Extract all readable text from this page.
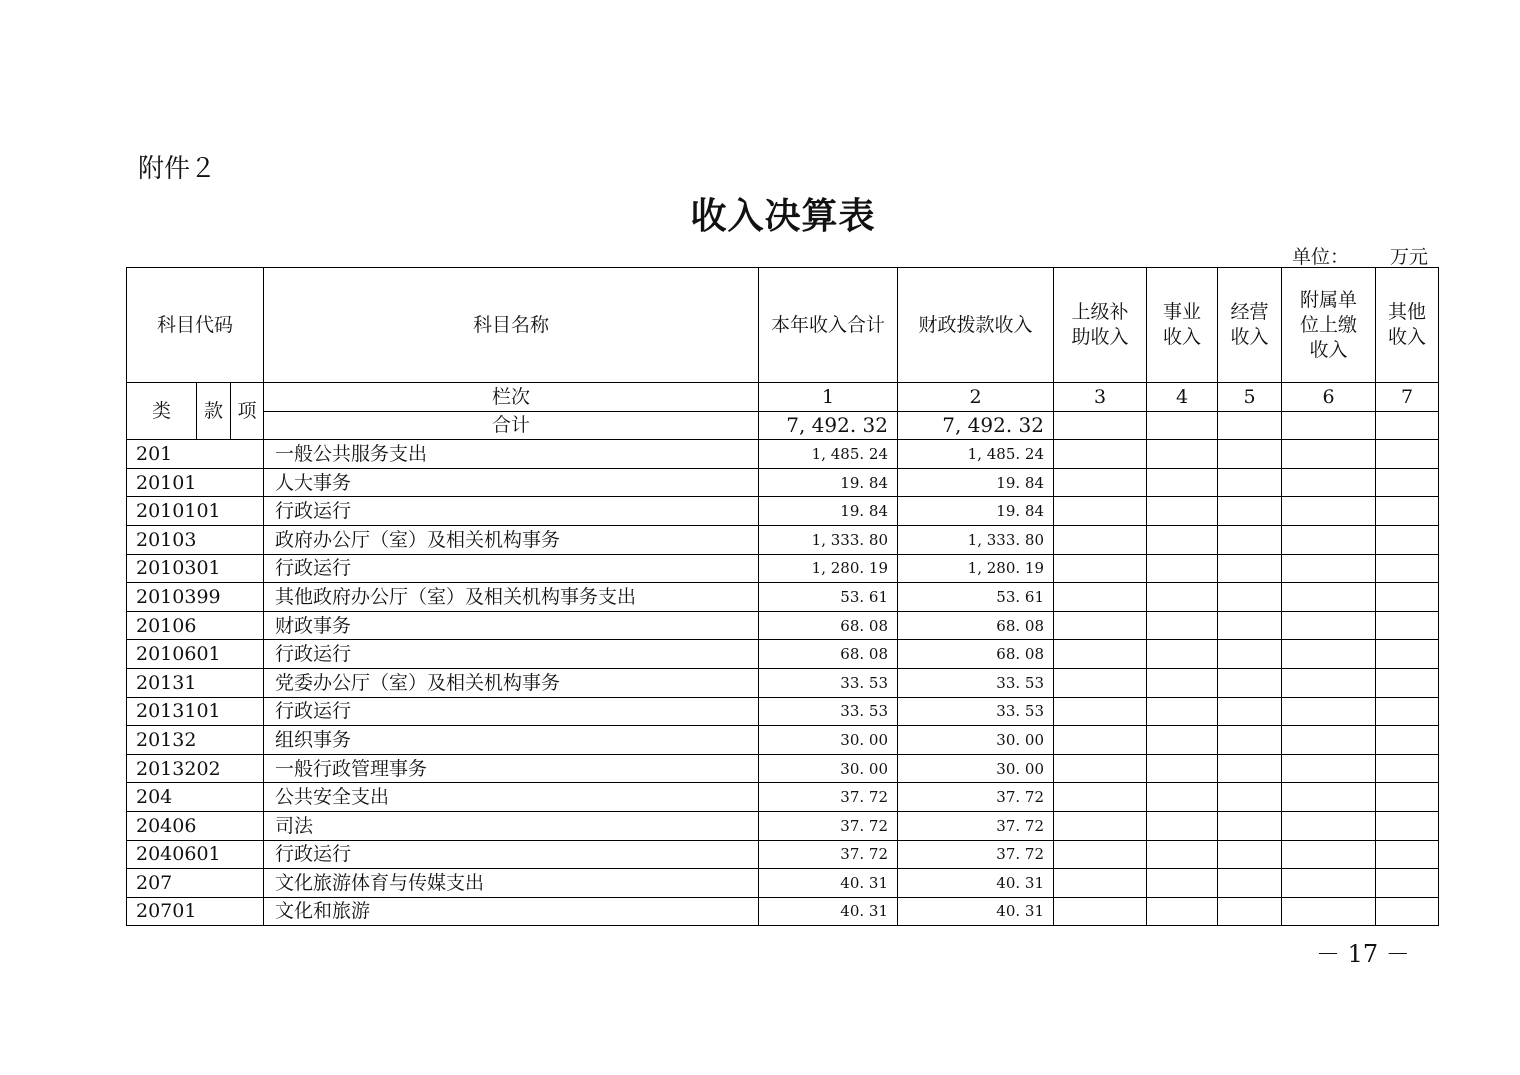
附件２
收入决算表
单位： 万元
科目代码			科目名称	本年收入合计	财政拨款收入	上级补助收入	事业收入	经营收入	附属单位上缴收入	其他收入
类	款	项	栏次	1	2	3	4	5	6	7
			合计	7, 492. 32	7, 492. 32					
201			一般公共服务支出	1, 485. 24	1, 485. 24					
20101			人大事务	19. 84	19. 84					
2010101			行政运行	19. 84	19. 84					
20103			政府办公厅（室）及相关机构事务	1, 333. 80	1, 333. 80					
2010301			行政运行	1, 280. 19	1, 280. 19					
2010399			其他政府办公厅（室）及相关机构事务支出	53. 61	53. 61					
20106			财政事务	68. 08	68. 08					
2010601			行政运行	68. 08	68. 08					
20131			党委办公厅（室）及相关机构事务	33. 53	33. 53					
2013101			行政运行	33. 53	33. 53					
20132			组织事务	30. 00	30. 00					
2013202			一般行政管理事务	30. 00	30. 00					
204			公共安全支出	37. 72	37. 72					
20406			司法	37. 72	37. 72					
2040601			行政运行	37. 72	37. 72					
207			文化旅游体育与传媒支出	40. 31	40. 31					
20701			文化和旅游	40. 31	40. 31					
－ 17 －
